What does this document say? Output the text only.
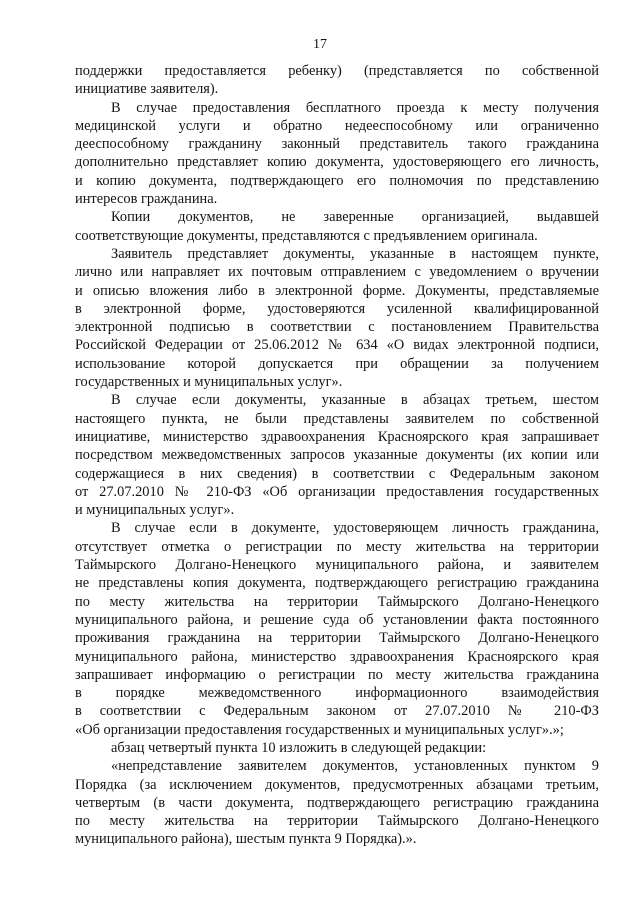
17
поддержки предоставляется ребенку) (представляется по собственной
инициативе заявителя).
В случае предоставления бесплатного проезда к месту получения
медицинской услуги и обратно недееспособному или ограниченно
дееспособному гражданину законный представитель такого гражданина
дополнительно представляет копию документа, удостоверяющего его личность,
и копию документа, подтверждающего его полномочия по представлению
интересов гражданина.
Копии документов, не заверенные организацией, выдавшей
соответствующие документы, представляются с предъявлением оригинала.
Заявитель представляет документы, указанные в настоящем пункте,
лично или направляет их почтовым отправлением с уведомлением о вручении
и описью вложения либо в электронной форме. Документы, представляемые
в электронной форме, удостоверяются усиленной квалифицированной
электронной подписью в соответствии с постановлением Правительства
Российской Федерации от 25.06.2012 № 634 «О видах электронной подписи,
использование которой допускается при обращении за получением
государственных и муниципальных услуг».
В случае если документы, указанные в абзацах третьем, шестом
настоящего пункта, не были представлены заявителем по собственной
инициативе, министерство здравоохранения Красноярского края запрашивает
посредством межведомственных запросов указанные документы (их копии или
содержащиеся в них сведения) в соответствии с Федеральным законом
от 27.07.2010 № 210-ФЗ «Об организации предоставления государственных
и муниципальных услуг».
В случае если в документе, удостоверяющем личность гражданина,
отсутствует отметка о регистрации по месту жительства на территории
Таймырского Долгано-Ненецкого муниципального района, и заявителем
не представлены копия документа, подтверждающего регистрацию гражданина
по месту жительства на территории Таймырского Долгано-Ненецкого
муниципального района, и решение суда об установлении факта постоянного
проживания гражданина на территории Таймырского Долгано-Ненецкого
муниципального района, министерство здравоохранения Красноярского края
запрашивает информацию о регистрации по месту жительства гражданина
в порядке межведомственного информационного взаимодействия
в соответствии с Федеральным законом от 27.07.2010 № 210-ФЗ
«Об организации предоставления государственных и муниципальных услуг».»;
абзац четвертый пункта 10 изложить в следующей редакции:
«непредставление заявителем документов, установленных пунктом 9
Порядка (за исключением документов, предусмотренных абзацами третьим,
четвертым (в части документа, подтверждающего регистрацию гражданина
по месту жительства на территории Таймырского Долгано-Ненецкого
муниципального района), шестым пункта 9 Порядка).».
